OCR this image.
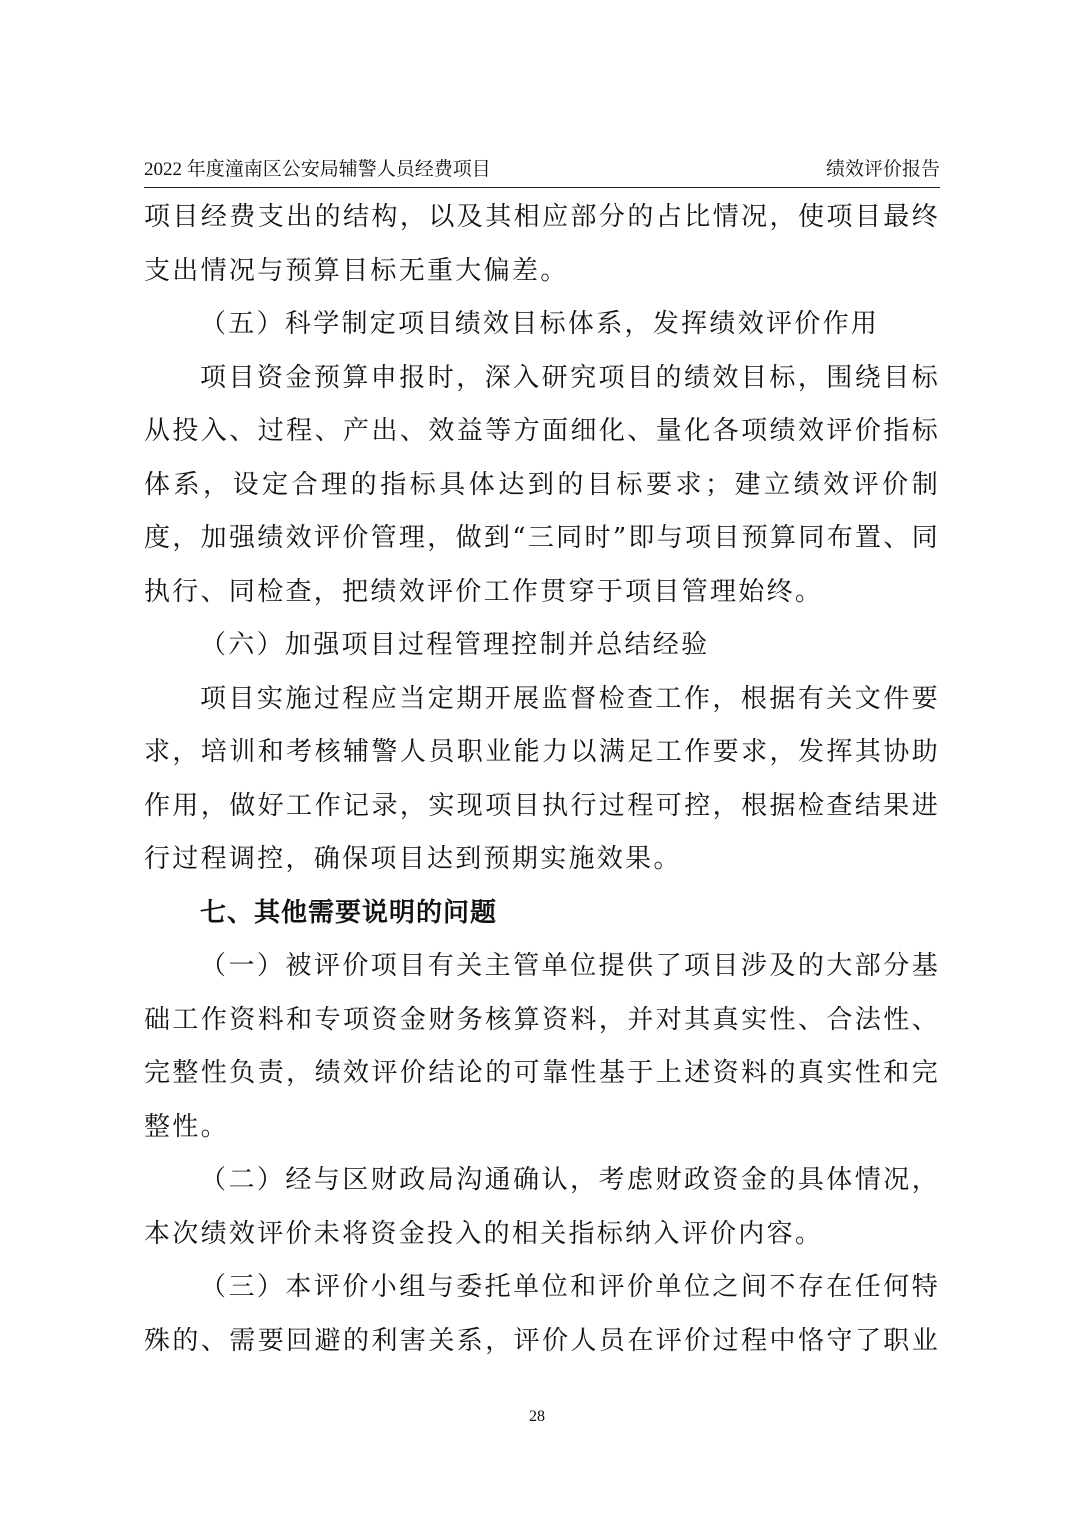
2022 年度潼南区公安局辅警人员经费项目	绩效评价报告

项目经费支出的结构，以及其相应部分的占比情况，使项目最终支出情况与预算目标无重大偏差。

（五）科学制定项目绩效目标体系，发挥绩效评价作用

项目资金预算申报时，深入研究项目的绩效目标，围绕目标从投入、过程、产出、效益等方面细化、量化各项绩效评价指标体系，设定合理的指标具体达到的目标要求；建立绩效评价制度，加强绩效评价管理，做到“三同时”即与项目预算同布置、同执行、同检查，把绩效评价工作贯穿于项目管理始终。

（六）加强项目过程管理控制并总结经验

项目实施过程应当定期开展监督检查工作，根据有关文件要求，培训和考核辅警人员职业能力以满足工作要求，发挥其协助作用，做好工作记录，实现项目执行过程可控，根据检查结果进行过程调控，确保项目达到预期实施效果。

七、其他需要说明的问题

（一）被评价项目有关主管单位提供了项目涉及的大部分基础工作资料和专项资金财务核算资料，并对其真实性、合法性、完整性负责，绩效评价结论的可靠性基于上述资料的真实性和完整性。

（二）经与区财政局沟通确认，考虑财政资金的具体情况，本次绩效评价未将资金投入的相关指标纳入评价内容。

（三）本评价小组与委托单位和评价单位之间不存在任何特殊的、需要回避的利害关系，评价人员在评价过程中恪守了职业

28
